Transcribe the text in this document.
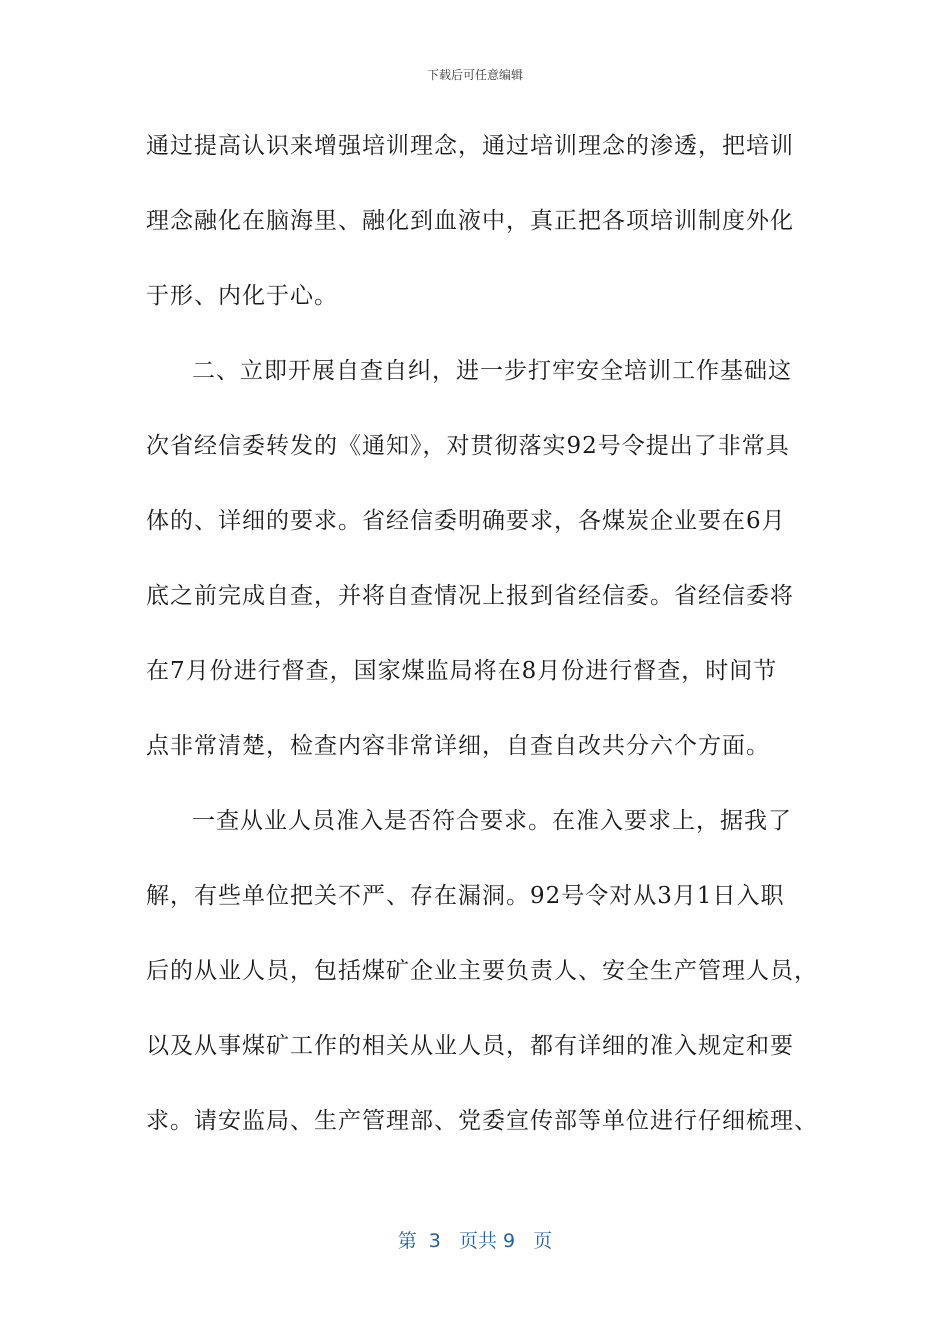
下载后可任意编辑
通过提高认识来增强培训理念，通过培训理念的渗透，把培训
理念融化在脑海里、融化到血液中，真正把各项培训制度外化
于形、内化于心。
二、立即开展自查自纠，进一步打牢安全培训工作基础这
次省经信委转发的《通知》，对贯彻落实92号令提出了非常具
体的、详细的要求。省经信委明确要求，各煤炭企业要在6月
底之前完成自查，并将自查情况上报到省经信委。省经信委将
在7月份进行督查，国家煤监局将在8月份进行督查，时间节
点非常清楚，检查内容非常详细，自查自改共分六个方面。
一查从业人员准入是否符合要求。在准入要求上，据我了
解，有些单位把关不严、存在漏洞。92号令对从3月1日入职
后的从业人员，包括煤矿企业主要负责人、安全生产管理人员，
以及从事煤矿工作的相关从业人员，都有详细的准入规定和要
求。请安监局、生产管理部、党委宣传部等单位进行仔细梳理、
第  3   页共 9   页
